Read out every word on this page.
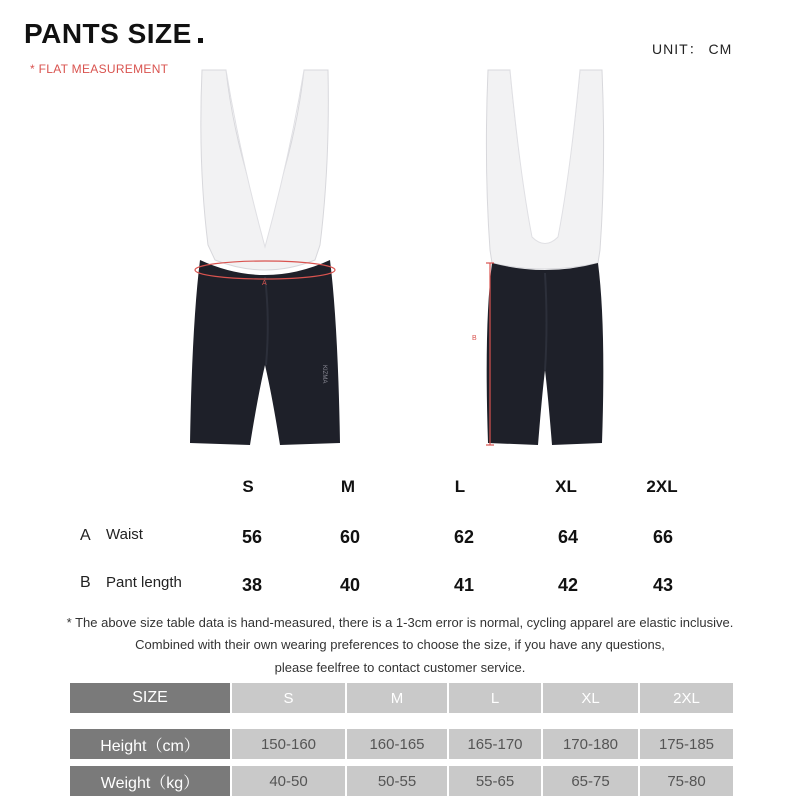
PANTS SIZE
* FLAT MEASUREMENT
UNIT： CM
A
KIZMA
B
S	M	L	XL	2XL
A Waist	56	60	62	64	66
B Pant length	38	40	41	42	43
* The above size table data is hand-measured, there is a 1-3cm error is normal, cycling apparel are elastic inclusive.
Combined with their own wearing preferences to choose the size, if you have any questions,
please feelfree to contact customer service.
SIZE	S	M	L	XL	2XL
Height（cm）	150-160	160-165	165-170	170-180	175-185
Weight（kg）	40-50	50-55	55-65	65-75	75-80
